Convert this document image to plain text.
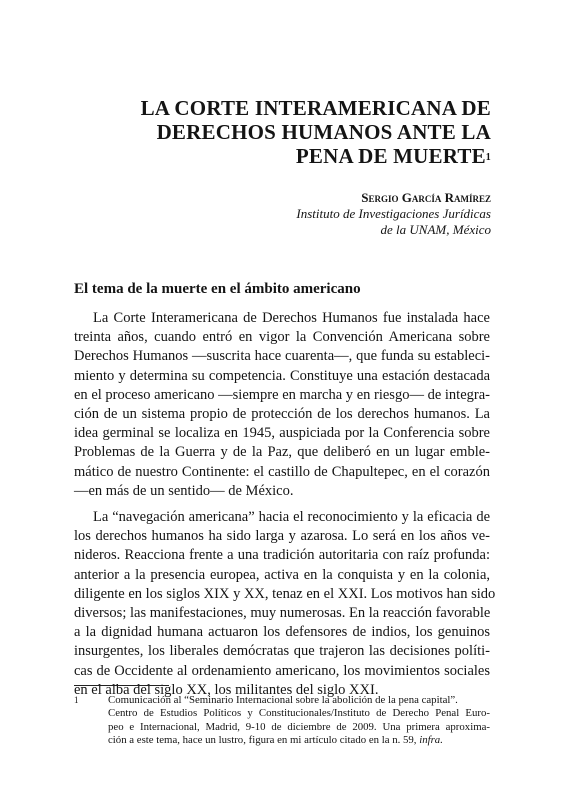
LA CORTE INTERAMERICANA DE
DERECHOS HUMANOS ANTE LA
PENA DE MUERTE$^1$
Sergio García Ramírez
Instituto de Investigaciones Jurídicas
de la UNAM, México
El tema de la muerte en el ámbito americano

La Corte Interamericana de Derechos Humanos fue instalada hace
treinta años, cuando entró en vigor la Convención Americana sobre
Derechos Humanos —suscrita hace cuarenta—, que funda su estableci-
miento y determina su competencia. Constituye una estación destacada
en el proceso americano —siempre en marcha y en riesgo— de integra-
ción de un sistema propio de protección de los derechos humanos. La
idea germinal se localiza en 1945, auspiciada por la Conferencia sobre
Problemas de la Guerra y de la Paz, que deliberó en un lugar emble-
mático de nuestro Continente: el castillo de Chapultepec, en el corazón
—en más de un sentido— de México.

La “navegación americana” hacia el reconocimiento y la eficacia de
los derechos humanos ha sido larga y azarosa. Lo será en los años ve-
nideros. Reacciona frente a una tradición autoritaria con raíz profunda:
anterior a la presencia europea, activa en la conquista y en la colonia,
diligente en los siglos XIX y XX, tenaz en el XXI. Los motivos han sido
diversos; las manifestaciones, muy numerosas. En la reacción favorable
a la dignidad humana actuaron los defensores de indios, los genuinos
insurgentes, los liberales demócratas que trajeron las decisiones políti-
cas de Occidente al ordenamiento americano, los movimientos sociales
en el alba del siglo XX, los militantes del siglo XXI.

1	Comunicación al “Seminario Internacional sobre la abolición de la pena capital”.
Centro de Estudios Políticos y Constitucionales/Instituto de Derecho Penal Euro-
peo e Internacional, Madrid, 9-10 de diciembre de 2009. Una primera aproxima-
ción a este tema, hace un lustro, figura en mi artículo citado en la n. 59, infra.
